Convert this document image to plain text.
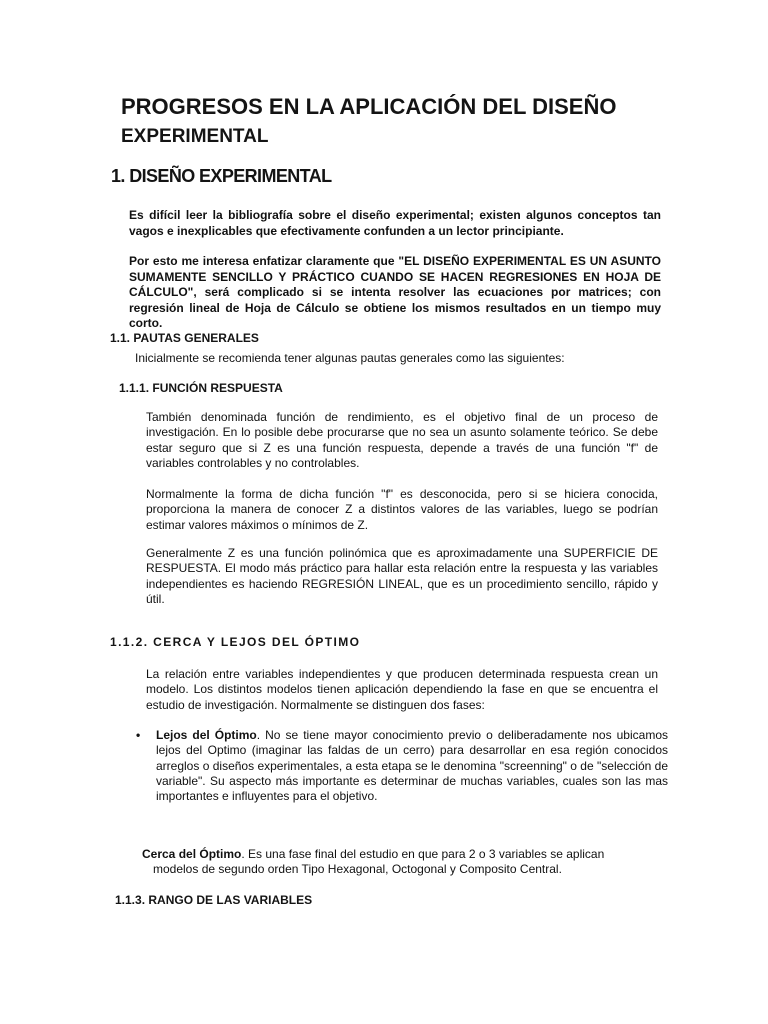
PROGRESOS EN LA APLICACIÓN DEL DISEÑO
EXPERIMENTAL
1. DISEÑO EXPERIMENTAL
Es difícil leer la bibliografía sobre el diseño experimental; existen algunos conceptos tan vagos e inexplicables que efectivamente confunden a un lector principiante.
Por esto me interesa enfatizar claramente que "EL DISEÑO EXPERIMENTAL ES UN ASUNTO SUMAMENTE SENCILLO Y PRÁCTICO CUANDO SE HACEN REGRESIONES EN HOJA DE CÁLCULO", será complicado si se intenta resolver las ecuaciones por matrices; con regresión lineal de Hoja de Cálculo se obtiene los mismos resultados en un tiempo muy corto.
1.1. PAUTAS GENERALES
Inicialmente se recomienda tener algunas pautas generales como las siguientes:
1.1.1. FUNCIÓN RESPUESTA
También denominada función de rendimiento, es el objetivo final de un proceso de investigación. En lo posible debe procurarse que no sea un asunto solamente teórico. Se debe estar seguro que si Z es una función respuesta, depende a través de una función "f" de variables controlables y no controlables.
Normalmente la forma de dicha función "f" es desconocida, pero si se hiciera conocida, proporciona la manera de conocer Z a distintos valores de las variables, luego se podrían estimar valores máximos o mínimos de Z.
Generalmente Z es una función polinómica que es aproximadamente una SUPERFICIE DE RESPUESTA. El modo más práctico para hallar esta relación entre la respuesta y las variables independientes es haciendo REGRESIÓN LINEAL, que es un procedimiento sencillo, rápido y útil.
1.1.2. CERCA Y LEJOS DEL ÓPTIMO
La relación entre variables independientes y que producen determinada respuesta crean un modelo. Los distintos modelos tienen aplicación dependiendo la fase en que se encuentra el estudio de investigación. Normalmente se distinguen dos fases:
• Lejos del Óptimo. No se tiene mayor conocimiento previo o deliberadamente nos ubicamos lejos del Optimo (imaginar las faldas de un cerro) para desarrollar en esa región conocidos arreglos o diseños experimentales, a esta etapa se le denomina "screenning" o de "selección de variable". Su aspecto más importante es determinar de muchas variables, cuales son las mas importantes e influyentes para el objetivo.
Cerca del Óptimo. Es una fase final del estudio en que para 2 o 3 variables se aplican
modelos de segundo orden Tipo Hexagonal, Octogonal y Composito Central.
1.1.3. RANGO DE LAS VARIABLES
